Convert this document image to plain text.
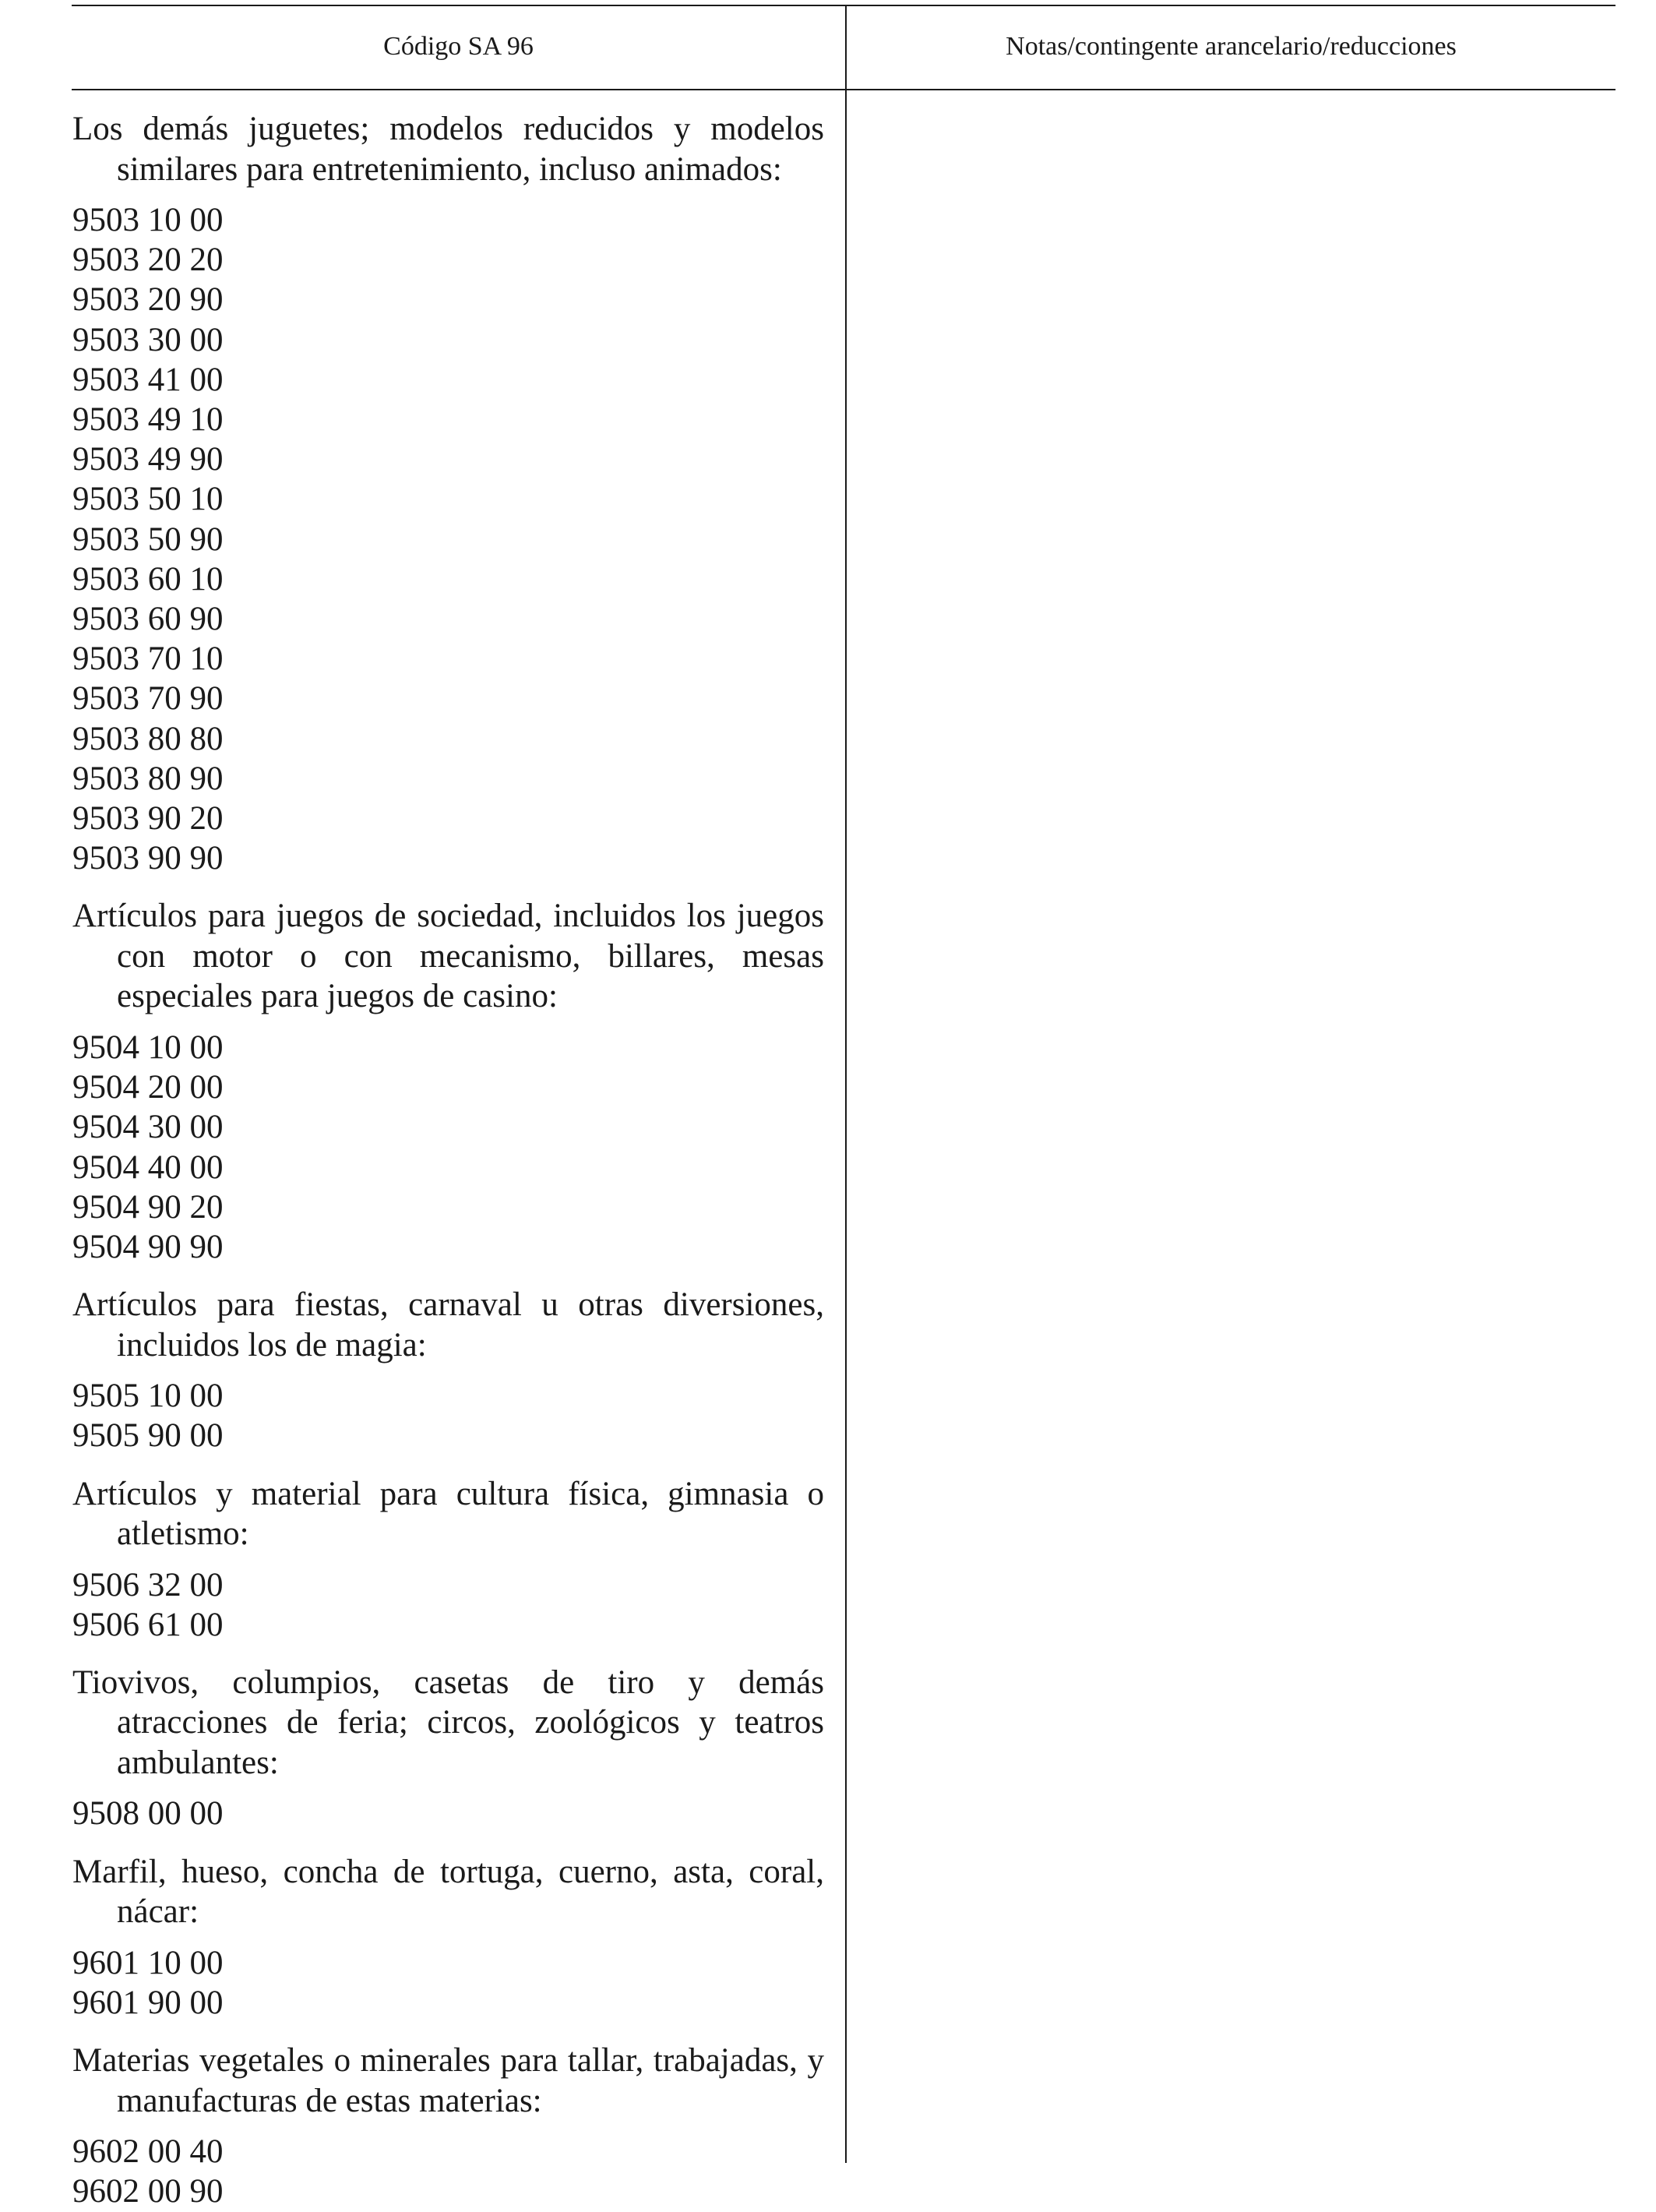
Código SA 96	Notas/contingente arancelario/reducciones
Los demás juguetes; modelos reducidos y modelos similares para entretenimiento, incluso animados:
9503 10 00
9503 20 20
9503 20 90
9503 30 00
9503 41 00
9503 49 10
9503 49 90
9503 50 10
9503 50 90
9503 60 10
9503 60 90
9503 70 10
9503 70 90
9503 80 80
9503 80 90
9503 90 20
9503 90 90
Artículos para juegos de sociedad, incluidos los juegos con motor o con mecanismo, billares, mesas especiales para juegos de casino:
9504 10 00
9504 20 00
9504 30 00
9504 40 00
9504 90 20
9504 90 90
Artículos para fiestas, carnaval u otras diversiones, incluidos los de magia:
9505 10 00
9505 90 00
Artículos y material para cultura física, gimnasia o atletismo:
9506 32 00
9506 61 00
Tiovivos, columpios, casetas de tiro y demás atracciones de feria; circos, zoológicos y teatros ambulantes:
9508 00 00
Marfil, hueso, concha de tortuga, cuerno, asta, coral, nácar:
9601 10 00
9601 90 00
Materias vegetales o minerales para tallar, trabajadas, y manufacturas de estas materias:
9602 00 40
9602 00 90
